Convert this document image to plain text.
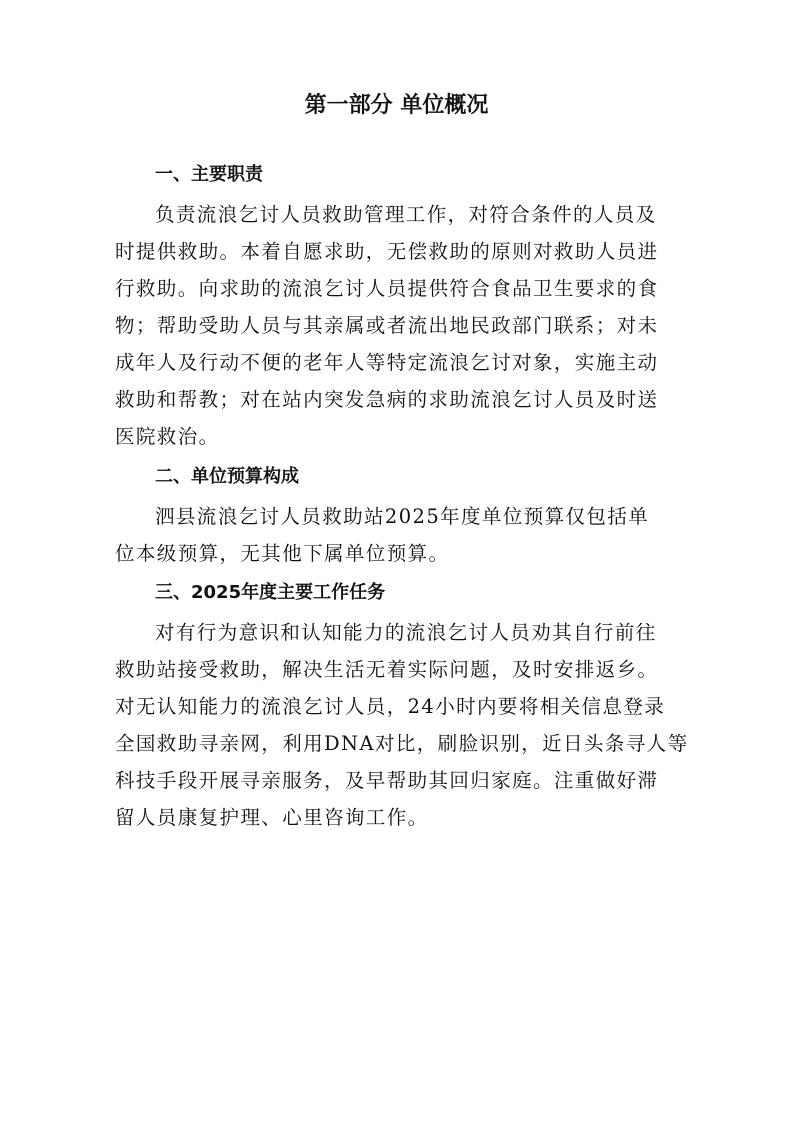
第一部分 单位概况
一、主要职责
负责流浪乞讨人员救助管理工作，对符合条件的人员及
时提供救助。本着自愿求助，无偿救助的原则对救助人员进
行救助。向求助的流浪乞讨人员提供符合食品卫生要求的食
物；帮助受助人员与其亲属或者流出地民政部门联系；对未
成年人及行动不便的老年人等特定流浪乞讨对象，实施主动
救助和帮教；对在站内突发急病的求助流浪乞讨人员及时送
医院救治。
二、单位预算构成
泗县流浪乞讨人员救助站2025年度单位预算仅包括单
位本级预算，无其他下属单位预算。
三、2025年度主要工作任务
对有行为意识和认知能力的流浪乞讨人员劝其自行前往
救助站接受救助，解决生活无着实际问题，及时安排返乡。
对无认知能力的流浪乞讨人员，24小时内要将相关信息登录
全国救助寻亲网，利用DNA对比，刷脸识别，近日头条寻人等
科技手段开展寻亲服务，及早帮助其回归家庭。注重做好滞
留人员康复护理、心里咨询工作。
